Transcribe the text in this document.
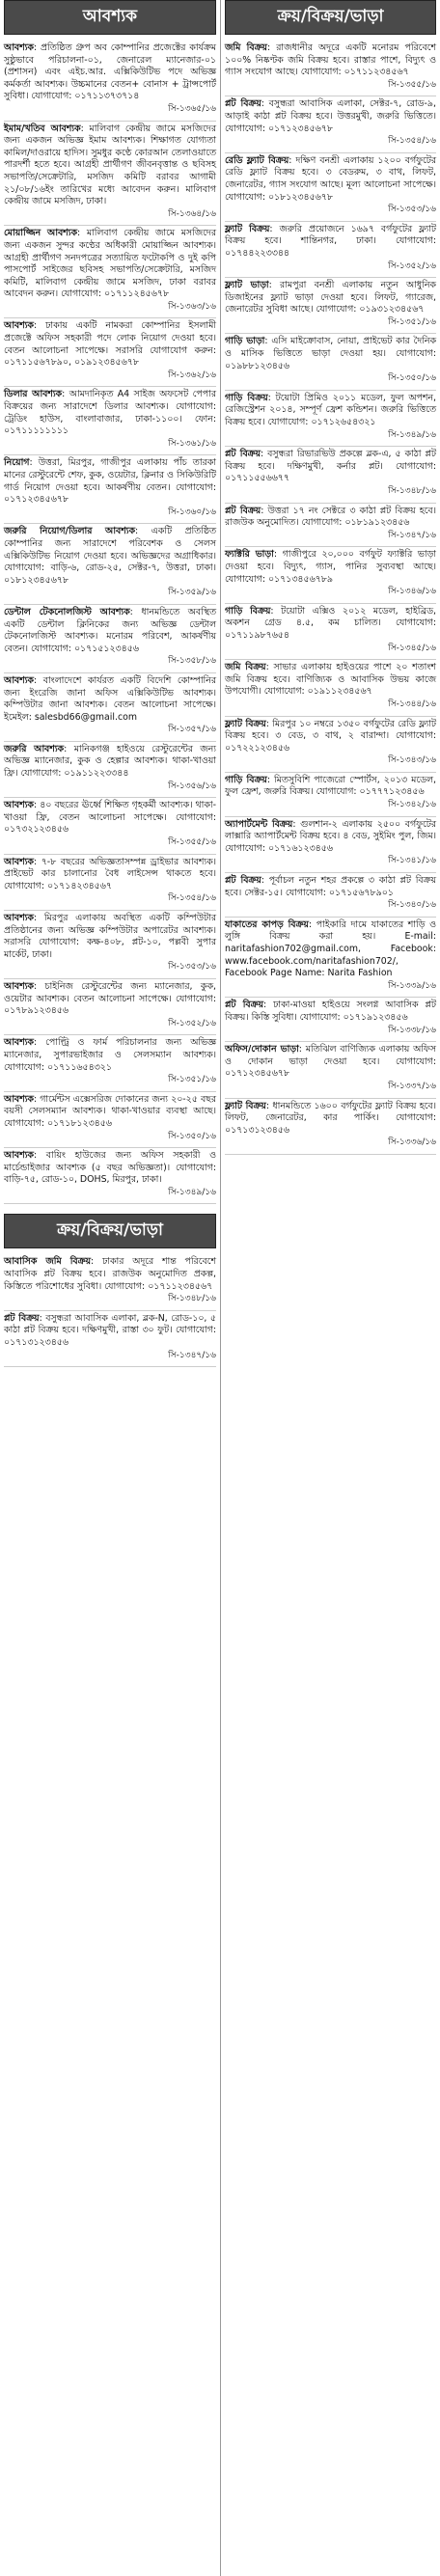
আবশ্যক
আবশ্যক: প্রতিষ্ঠিত গ্রুপ অব কোম্পানির প্রজেক্টের কার্যক্রম সুষ্ঠুভাবে পরিচালনা-০১, জেনারেল ম্যানেজার-০১ (প্রশাসন) এবং এইচ.আর. এক্সিকিউটিভ পদে অভিজ্ঞ কর্মকর্তা আবশ্যক। উচ্চমানের বেতন+ বোনাস + ট্রান্সপোর্ট সুবিধা। যোগাযোগ: ০১৭১১৩৭৩৭১৪
সি-১৩৬৫/১৬
ইমাম/খতিব আবশ্যক: মালিবাগ কেন্দ্রীয় জামে মসজিদের জন্য একজন অভিজ্ঞ ইমাম আবশ্যক। শিক্ষাগত যোগ্যতা কামিল/দাওরায়ে হাদিস। সুমধুর কণ্ঠে কোরআন তেলাওয়াতে পারদর্শী হতে হবে। আগ্রহী প্রার্থীগণ জীবনবৃত্তান্ত ও ছবিসহ সভাপতি/সেক্রেটারি, মসজিদ কমিটি বরাবর আগামী ২১/০৮/১৬ইং তারিখের মধ্যে আবেদন করুন। মালিবাগ কেন্দ্রীয় জামে মসজিদ, ঢাকা।
সি-১৩৬৪/১৬
মোয়াজ্জিন আবশ্যক: মালিবাগ কেন্দ্রীয় জামে মসজিদের জন্য একজন সুন্দর কণ্ঠের অধিকারী মোয়াজ্জিন আবশ্যক। আগ্রহী প্রার্থীগণ সনদপত্রের সত্যায়িত ফটোকপি ও দুই কপি পাসপোর্ট সাইজের ছবিসহ সভাপতি/সেক্রেটারি, মসজিদ কমিটি, মালিবাগ কেন্দ্রীয় জামে মসজিদ, ঢাকা বরাবর আবেদন করুন। যোগাযোগ: ০১৭১১২৪৫৬৭৮
সি-১৩৬৩/১৬
আবশ্যক: ঢাকায় একটি নামকরা কোম্পানির ইসলামী প্রজেক্টে অফিস সহকারী পদে লোক নিয়োগ দেওয়া হবে। বেতন আলোচনা সাপেক্ষে। সরাসরি যোগাযোগ করুন: ০১৭১১৫৬৭৮৯০, ০১৯১২৩৪৫৬৭৮
সি-১৩৬২/১৬
ডিলার আবশ্যক: আমদানিকৃত A4 সাইজ অফসেট পেপার বিক্রয়ের জন্য সারাদেশে ডিলার আবশ্যক। যোগাযোগ: ট্রেডিং হাউস, বাংলাবাজার, ঢাকা-১১০০। ফোন: ০১৭১১১১১১১১
সি-১৩৬১/১৬
নিয়োগ: উত্তরা, মিরপুর, গাজীপুর এলাকায় পাঁচ তারকা মানের রেস্টুরেন্টে শেফ, কুক, ওয়েটার, ক্লিনার ও সিকিউরিটি গার্ড নিয়োগ দেওয়া হবে। আকর্ষণীয় বেতন। যোগাযোগ: ০১৭১২৩৪৫৬৭৮
সি-১৩৬০/১৬
জরুরি নিয়োগ/ডিলার আবশ্যক: একটি প্রতিষ্ঠিত কোম্পানির জন্য সারাদেশে পরিবেশক ও সেলস এক্সিকিউটিভ নিয়োগ দেওয়া হবে। অভিজ্ঞদের অগ্রাধিকার। যোগাযোগ: বাড়ি-৬, রোড-২৫, সেক্টর-৭, উত্তরা, ঢাকা। ০১৮১২৩৪৫৬৭৮
সি-১৩৫৯/১৬
ডেন্টাল টেকনোলজিস্ট আবশ্যক: ধানমন্ডিতে অবস্থিত একটি ডেন্টাল ক্লিনিকের জন্য অভিজ্ঞ ডেন্টাল টেকনোলজিস্ট আবশ্যক। মনোরম পরিবেশ, আকর্ষণীয় বেতন। যোগাযোগ: ০১৭১৫১২৩৪৫৬
সি-১৩৫৮/১৬
আবশ্যক: বাংলাদেশে কার্যরত একটি বিদেশি কোম্পানির জন্য ইংরেজি জানা অফিস এক্সিকিউটিভ আবশ্যক। কম্পিউটার জানা আবশ্যক। বেতন আলোচনা সাপেক্ষে। ইমেইল: salesbd66@gmail.com
সি-১৩৫৭/১৬
জরুরি আবশ্যক: মানিকগঞ্জ হাইওয়ে রেস্টুরেন্টের জন্য অভিজ্ঞ ম্যানেজার, কুক ও হেল্পার আবশ্যক। থাকা-খাওয়া ফ্রি। যোগাযোগ: ০১৯১১২২৩৩৪৪
সি-১৩৫৬/১৬
আবশ্যক: ৪০ বছরের ঊর্ধ্বে শিক্ষিত গৃহকর্মী আবশ্যক। থাকা-খাওয়া ফ্রি, বেতন আলোচনা সাপেক্ষে। যোগাযোগ: ০১৭৩২১২৩৪৫৬
সি-১৩৫৫/১৬
আবশ্যক: ৭-৮ বছরের অভিজ্ঞতাসম্পন্ন ড্রাইভার আবশ্যক। প্রাইভেট কার চালানোর বৈধ লাইসেন্স থাকতে হবে। যোগাযোগ: ০১৭১৪২৩৪৫৬৭
সি-১৩৫৪/১৬
আবশ্যক: মিরপুর এলাকায় অবস্থিত একটি কম্পিউটার প্রতিষ্ঠানের জন্য অভিজ্ঞ কম্পিউটার অপারেটর আবশ্যক। সরাসরি যোগাযোগ: কক্ষ-৪০৮, প্লট-১০, পল্লবী সুপার মার্কেট, ঢাকা।
সি-১৩৫৩/১৬
আবশ্যক: চাইনিজ রেস্টুরেন্টের জন্য ম্যানেজার, কুক, ওয়েটার আবশ্যক। বেতন আলোচনা সাপেক্ষে। যোগাযোগ: ০১৭৮৯১২৩৪৫৬
সি-১৩৫২/১৬
আবশ্যক: পোল্ট্রি ও ফার্ম পরিচালনার জন্য অভিজ্ঞ ম্যানেজার, সুপারভাইজার ও সেলসম্যান আবশ্যক। যোগাযোগ: ০১৭১১৬৫৪৩২১
সি-১৩৫১/১৬
আবশ্যক: গার্মেন্টস এক্সেসরিজ দোকানের জন্য ২০-২৫ বছর বয়সী সেলসম্যান আবশ্যক। থাকা-খাওয়ার ব্যবস্থা আছে। যোগাযোগ: ০১৭১৮১২৩৪৫৬
সি-১৩৫০/১৬
আবশ্যক: বায়িং হাউজের জন্য অফিস সহকারী ও মার্চেন্ডাইজার আবশ্যক (৫ বছর অভিজ্ঞতা)। যোগাযোগ: বাড়ি-৭৫, রোড-১০, DOHS, মিরপুর, ঢাকা।
সি-১৩৪৯/১৬
ক্রয়/বিক্রয়/ভাড়া
আবাসিক জমি বিক্রয়: ঢাকার অদূরে শান্ত পরিবেশে আবাসিক প্লট বিক্রয় হবে। রাজউক অনুমোদিত প্রকল্প, কিস্তিতে পরিশোধের সুবিধা। যোগাযোগ: ০১৭১১২৩৪৫৬৭
সি-১৩৪৮/১৬
প্লট বিক্রয়: বসুন্ধরা আবাসিক এলাকা, ব্লক-N, রোড-১০, ৫ কাঠা প্লট বিক্রয় হবে। দক্ষিণমুখী, রাস্তা ৩০ ফুট। যোগাযোগ: ০১৭১৩১২৩৪৫৬
সি-১৩৪৭/১৬
ক্রয়/বিক্রয়/ভাড়া
জমি বিক্রয়: রাজধানীর অদূরে একটি মনোরম পরিবেশে ১০০% নিষ্কণ্টক জমি বিক্রয় হবে। রাস্তার পাশে, বিদ্যুৎ ও গ্যাস সংযোগ আছে। যোগাযোগ: ০১৭১১২৩৪৫৬৭
সি-১৩৫৫/১৬
প্লট বিক্রয়: বসুন্ধরা আবাসিক এলাকা, সেক্টর-৭, রোড-৯, আড়াই কাঠা প্লট বিক্রয় হবে। উত্তরমুখী, জরুরি ভিত্তিতে। যোগাযোগ: ০১৭১২৩৪৫৬৭৮
সি-১৩৫৪/১৬
রেডি ফ্ল্যাট বিক্রয়: দক্ষিণ বনশ্রী এলাকায় ১২০০ বর্গফুটের রেডি ফ্ল্যাট বিক্রয় হবে। ৩ বেডরুম, ৩ বাথ, লিফট, জেনারেটর, গ্যাস সংযোগ আছে। মূল্য আলোচনা সাপেক্ষে। যোগাযোগ: ০১৮১২৩৪৫৬৭৮
সি-১৩৫৩/১৬
ফ্ল্যাট বিক্রয়: জরুরি প্রয়োজনে ১৬৯৭ বর্গফুটের ফ্ল্যাট বিক্রয় হবে। শান্তিনগর, ঢাকা। যোগাযোগ: ০১৭৪৪২২৩৩৪৪
সি-১৩৫২/১৬
ফ্ল্যাট ভাড়া: রামপুরা বনশ্রী এলাকায় নতুন আধুনিক ডিজাইনের ফ্ল্যাট ভাড়া দেওয়া হবে। লিফট, গ্যারেজ, জেনারেটর সুবিধা আছে। যোগাযোগ: ০১৯৩১২৩৪৫৬৭
সি-১৩৫১/১৬
গাড়ি ভাড়া: এসি মাইক্রোবাস, নোয়া, প্রাইভেট কার দৈনিক ও মাসিক ভিত্তিতে ভাড়া দেওয়া হয়। যোগাযোগ: ০১৯৮৮১২৩৪৫৬
সি-১৩৫০/১৬
গাড়ি বিক্রয়: টয়োটা প্রিমিও ২০১১ মডেল, ফুল অপশন, রেজিস্ট্রেশন ২০১৪, সম্পূর্ণ ফ্রেশ কন্ডিশন। জরুরি ভিত্তিতে বিক্রয় হবে। যোগাযোগ: ০১৭১২৬৫৪৩২১
সি-১৩৪৯/১৬
প্লট বিক্রয়: বসুন্ধরা রিভারভিউ প্রকল্পে ব্লক-এ, ৫ কাঠা প্লট বিক্রয় হবে। দক্ষিণমুখী, কর্নার প্লট। যোগাযোগ: ০১৭১১৫৫৬৬৭৭
সি-১৩৪৮/১৬
প্লট বিক্রয়: উত্তরা ১৭ নং সেক্টরে ৩ কাঠা প্লট বিক্রয় হবে। রাজউক অনুমোদিত। যোগাযোগ: ০১৮১৯১২৩৪৫৬
সি-১৩৪৭/১৬
ফ্যাক্টরি ভাড়া: গাজীপুরে ২০,০০০ বর্গফুট ফ্যাক্টরি ভাড়া দেওয়া হবে। বিদ্যুৎ, গ্যাস, পানির সুব্যবস্থা আছে। যোগাযোগ: ০১৭১৩৪৫৬৭৮৯
সি-১৩৪৬/১৬
গাড়ি বিক্রয়: টয়োটা এক্সিও ২০১২ মডেল, হাইব্রিড, অকশন গ্রেড ৪.৫, কম চালিত। যোগাযোগ: ০১৭১১৯৮৭৬৫৪
সি-১৩৪৫/১৬
জমি বিক্রয়: সাভার এলাকায় হাইওয়ের পাশে ২০ শতাংশ জমি বিক্রয় হবে। বাণিজ্যিক ও আবাসিক উভয় কাজে উপযোগী। যোগাযোগ: ০১৯১১২৩৪৫৬৭
সি-১৩৪৪/১৬
ফ্ল্যাট বিক্রয়: মিরপুর ১০ নম্বরে ১৩৫০ বর্গফুটের রেডি ফ্ল্যাট বিক্রয় হবে। ৩ বেড, ৩ বাথ, ২ বারান্দা। যোগাযোগ: ০১৭২২১২৩৪৫৬
সি-১৩৪৩/১৬
গাড়ি বিক্রয়: মিতসুবিশি পাজেরো স্পোর্টস, ২০১৩ মডেল, ফুল ফ্রেশ, জরুরি বিক্রয়। যোগাযোগ: ০১৭৭৭১২৩৪৫৬
সি-১৩৪২/১৬
অ্যাপার্টমেন্ট বিক্রয়: গুলশান-২ এলাকায় ২৫০০ বর্গফুটের লাক্সারি অ্যাপার্টমেন্ট বিক্রয় হবে। ৪ বেড, সুইমিং পুল, জিম। যোগাযোগ: ০১৭১৬১২৩৪৫৬
সি-১৩৪১/১৬
প্লট বিক্রয়: পূর্বাচল নতুন শহর প্রকল্পে ৩ কাঠা প্লট বিক্রয় হবে। সেক্টর-১৫। যোগাযোগ: ০১৭১৫৬৭৮৯০১
সি-১৩৪০/১৬
যাকাতের কাপড় বিক্রয়: পাইকারি দামে যাকাতের শাড়ি ও লুঙ্গি বিক্রয় করা হয়। E-mail: naritafashion702@gmail.com, Facebook: www.facebook.com/naritafashion702/, Facebook Page Name: Narita Fashion
সি-১৩৩৯/১৬
প্লট বিক্রয়: ঢাকা-মাওয়া হাইওয়ে সংলগ্ন আবাসিক প্লট বিক্রয়। কিস্তি সুবিধা। যোগাযোগ: ০১৭১৯১২৩৪৫৬
সি-১৩৩৮/১৬
অফিস/দোকান ভাড়া: মতিঝিল বাণিজ্যিক এলাকায় অফিস ও দোকান ভাড়া দেওয়া হবে। যোগাযোগ: ০১৭১২৩৪৫৬৭৮
সি-১৩৩৭/১৬
ফ্ল্যাট বিক্রয়: ধানমন্ডিতে ১৬০০ বর্গফুটের ফ্ল্যাট বিক্রয় হবে। লিফট, জেনারেটর, কার পার্কিং। যোগাযোগ: ০১৭১৩১২৩৪৫৬
সি-১৩৩৬/১৬
